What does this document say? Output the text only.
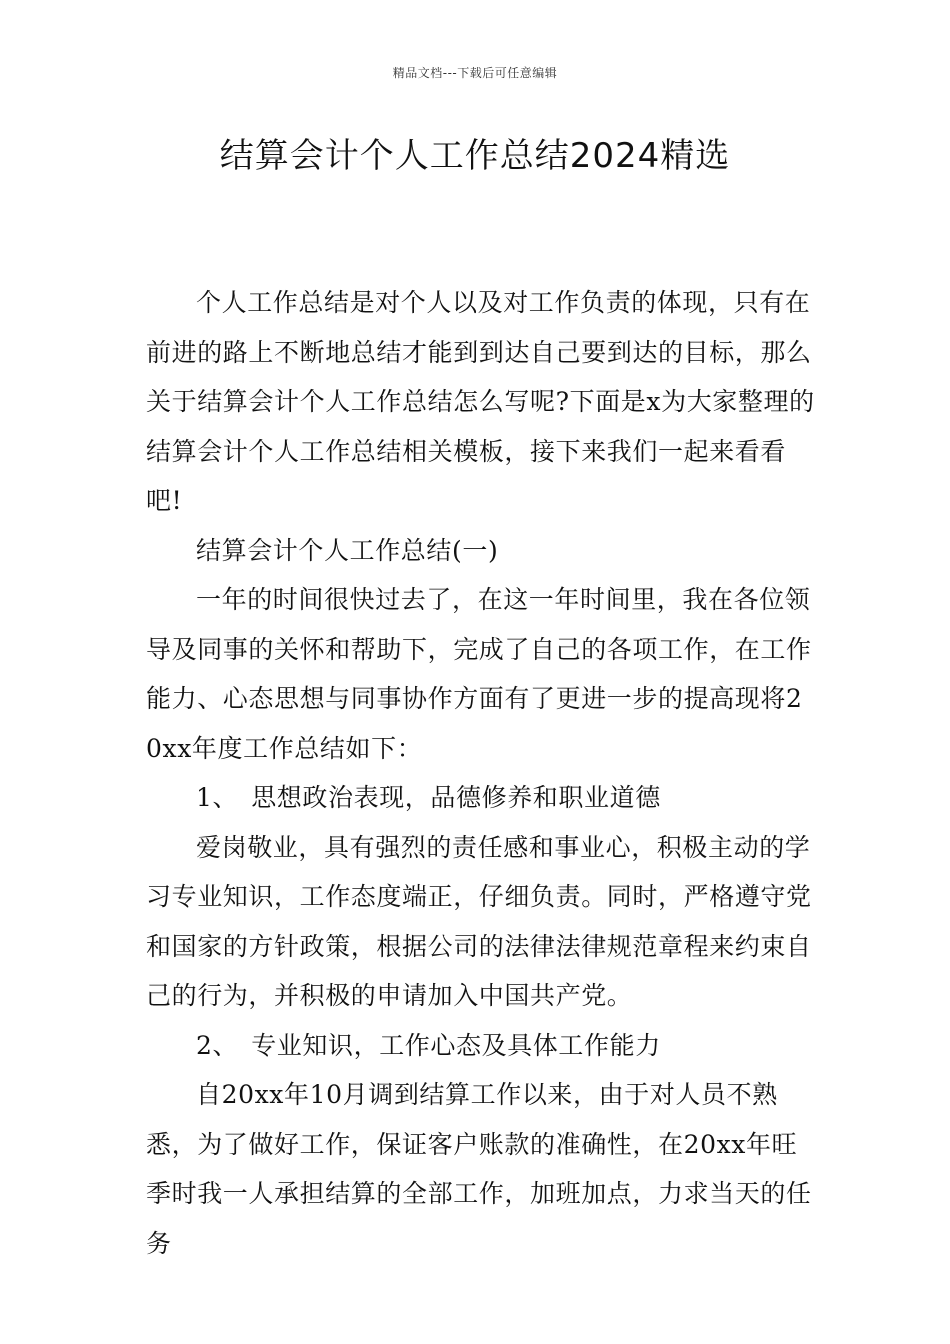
精品文档---下载后可任意编辑
结算会计个人工作总结2024精选

个人工作总结是对个人以及对工作负责的体现，只有在前进的路上不断地总结才能到到达自己要到达的目标，那么关于结算会计个人工作总结怎么写呢?下面是x为大家整理的结算会计个人工作总结相关模板，接下来我们一起来看看吧!

结算会计个人工作总结(一)

一年的时间很快过去了，在这一年时间里，我在各位领导及同事的关怀和帮助下，完成了自己的各项工作，在工作能力、心态思想与同事协作方面有了更进一步的提高现将20xx年度工作总结如下：

1、　思想政治表现，品德修养和职业道德

爱岗敬业，具有强烈的责任感和事业心，积极主动的学习专业知识，工作态度端正，仔细负责。同时，严格遵守党和国家的方针政策，根据公司的法律法律规范章程来约束自己的行为，并积极的申请加入中国共产党。

2、　专业知识，工作心态及具体工作能力

自20xx年10月调到结算工作以来，由于对人员不熟悉，为了做好工作，保证客户账款的准确性，在20xx年旺季时我一人承担结算的全部工作，加班加点，力求当天的任务
